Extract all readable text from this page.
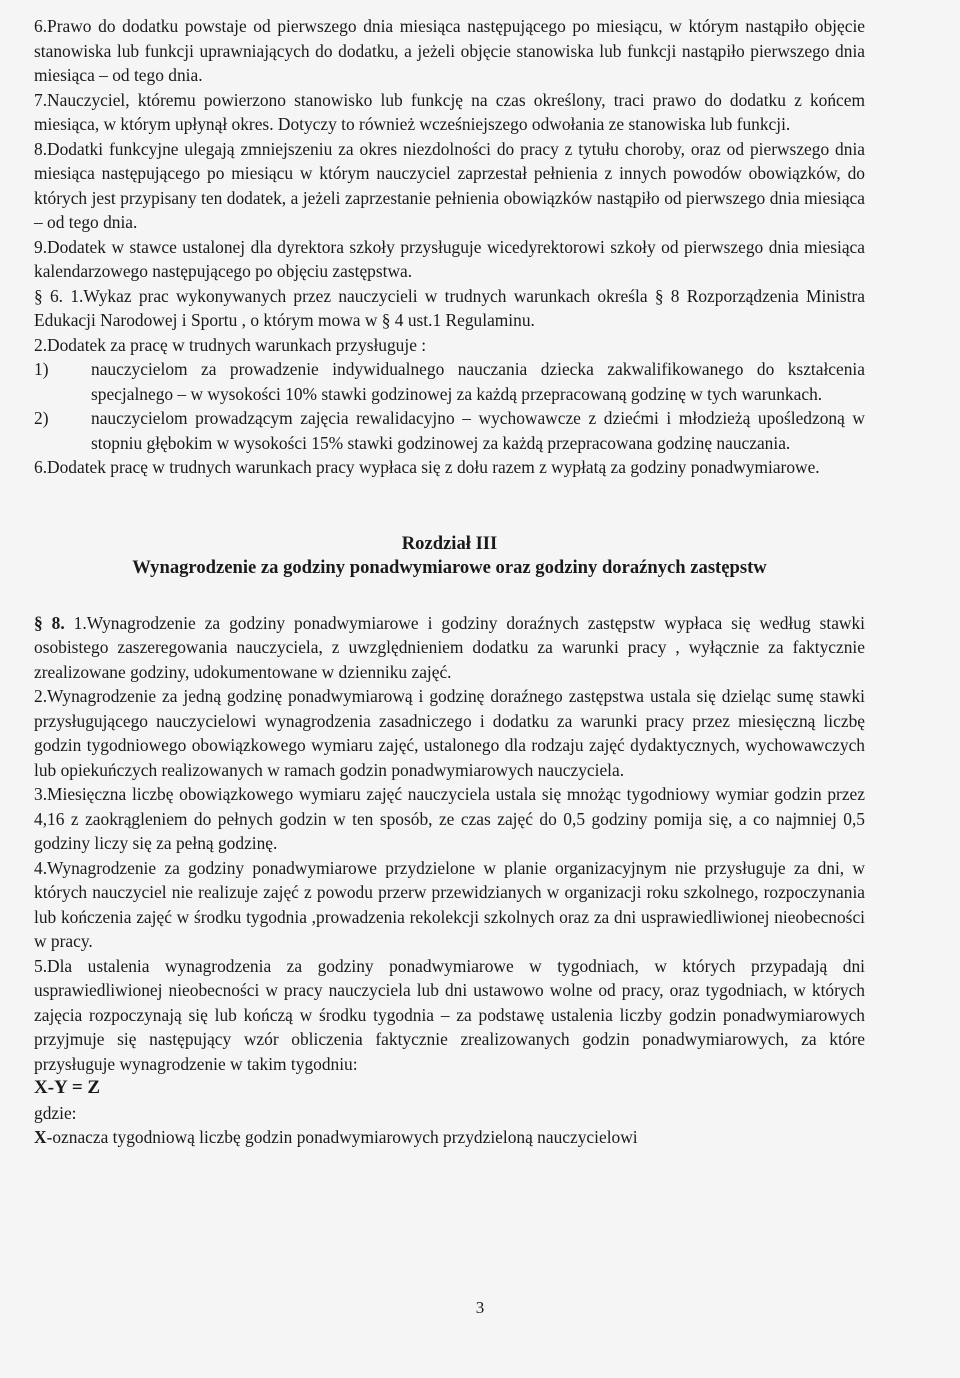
6.Prawo do dodatku powstaje od pierwszego dnia miesiąca następującego po miesiącu, w którym nastąpiło objęcie stanowiska lub funkcji uprawniających do dodatku, a jeżeli objęcie stanowiska lub funkcji nastąpiło pierwszego dnia miesiąca – od tego dnia.

7.Nauczyciel, któremu powierzono stanowisko lub funkcję na czas określony, traci prawo do dodatku z końcem miesiąca, w którym upłynął okres. Dotyczy to również wcześniejszego odwołania ze stanowiska lub funkcji.

8.Dodatki funkcyjne ulegają zmniejszeniu za okres niezdolności do pracy z tytułu choroby, oraz od pierwszego dnia miesiąca następującego po miesiącu w którym nauczyciel zaprzestał pełnienia z innych powodów obowiązków, do których jest przypisany ten dodatek, a jeżeli zaprzestanie pełnienia obowiązków nastąpiło od pierwszego dnia miesiąca – od tego dnia.

9.Dodatek w stawce ustalonej dla dyrektora szkoły przysługuje wicedyrektorowi szkoły od pierwszego dnia miesiąca kalendarzowego następującego po objęciu zastępstwa.

§ 6. 1.Wykaz prac wykonywanych przez nauczycieli w trudnych warunkach określa § 8 Rozporządzenia Ministra Edukacji Narodowej i Sportu , o którym mowa w § 4 ust.1 Regulaminu.

2.Dodatek za pracę w trudnych warunkach przysługuje :

1) nauczycielom za prowadzenie indywidualnego nauczania dziecka zakwalifikowanego do kształcenia specjalnego – w wysokości 10% stawki godzinowej za każdą przepracowaną godzinę w tych warunkach.
2) nauczycielom prowadzącym zajęcia rewalidacyjno – wychowawcze z dziećmi i młodzieżą upośledzoną w stopniu głębokim w wysokości 15% stawki godzinowej za każdą przepracowana godzinę nauczania.

6.Dodatek pracę w trudnych warunkach pracy wypłaca się z dołu razem z wypłatą za godziny ponadwymiarowe.

Rozdział III
Wynagrodzenie za godziny ponadwymiarowe oraz godziny doraźnych zastępstw

§ 8. 1.Wynagrodzenie za godziny ponadwymiarowe i godziny doraźnych zastępstw wypłaca się według stawki osobistego zaszeregowania nauczyciela, z uwzględnieniem dodatku za warunki pracy , wyłącznie za faktycznie zrealizowane godziny, udokumentowane w dzienniku zajęć.

2.Wynagrodzenie za jedną godzinę ponadwymiarową i godzinę doraźnego zastępstwa ustala się dzieląc sumę stawki przysługującego nauczycielowi wynagrodzenia zasadniczego i dodatku za warunki pracy przez miesięczną liczbę godzin tygodniowego obowiązkowego wymiaru zajęć, ustalonego dla rodzaju zajęć dydaktycznych, wychowawczych lub opiekuńczych realizowanych w ramach godzin ponadwymiarowych nauczyciela.

3.Miesięczna liczbę obowiązkowego wymiaru zajęć nauczyciela ustala się mnożąc tygodniowy wymiar godzin przez 4,16 z zaokrągleniem do pełnych godzin w ten sposób, ze czas zajęć do 0,5 godziny pomija się, a co najmniej 0,5 godziny liczy się za pełną godzinę.

4.Wynagrodzenie za godziny ponadwymiarowe przydzielone w planie organizacyjnym nie przysługuje za dni, w których nauczyciel nie realizuje zajęć z powodu przerw przewidzianych w organizacji roku szkolnego, rozpoczynania lub kończenia zajęć w środku tygodnia ,prowadzenia rekolekcji szkolnych oraz za dni usprawiedliwionej nieobecności w pracy.

5.Dla ustalenia wynagrodzenia za godziny ponadwymiarowe w tygodniach, w których przypadają dni usprawiedliwionej nieobecności w pracy nauczyciela lub dni ustawowo wolne od pracy, oraz tygodniach, w których zajęcia rozpoczynają się lub kończą w środku tygodnia – za podstawę ustalenia liczby godzin ponadwymiarowych przyjmuje się następujący wzór obliczenia faktycznie zrealizowanych godzin ponadwymiarowych, za które przysługuje wynagrodzenie w takim tygodniu:

X-Y = Z

gdzie:

X-oznacza tygodniową liczbę godzin ponadwymiarowych przydzieloną nauczycielowi

3
